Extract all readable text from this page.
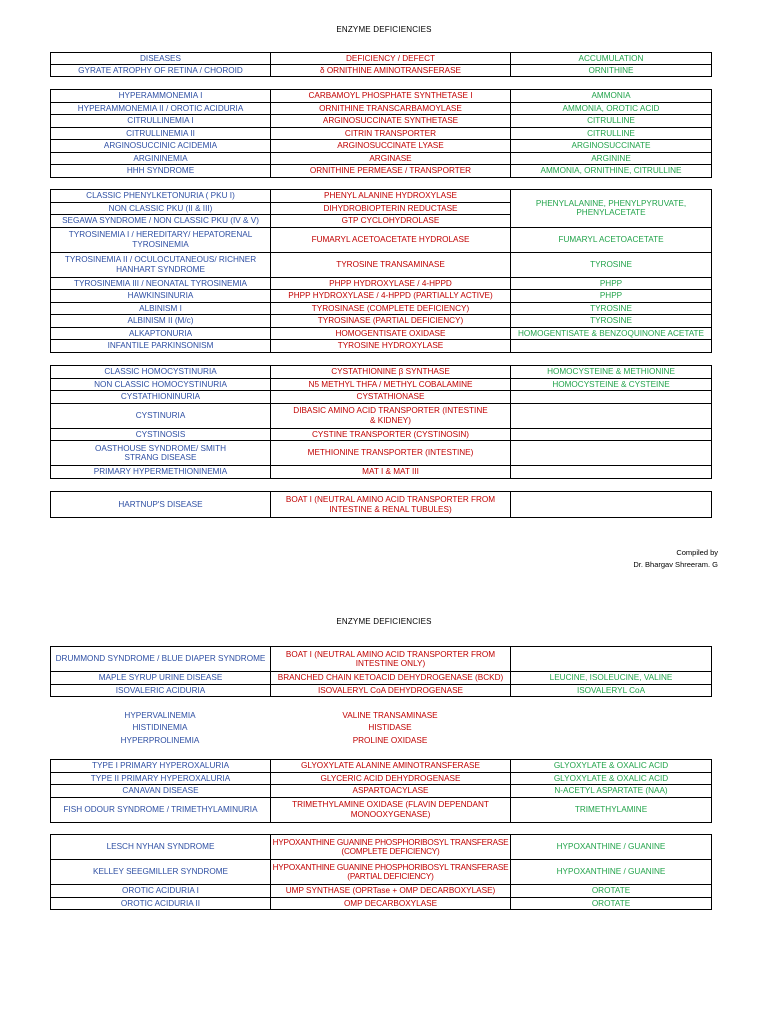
ENZYME DEFICIENCIES
DISEASES	DEFICIENCY / DEFECT	ACCUMULATION
GYRATE ATROPHY OF RETINA / CHOROID	δ ORNITHINE AMINOTRANSFERASE	ORNITHINE
HYPERAMMONEMIA I	CARBAMOYL PHOSPHATE SYNTHETASE I	AMMONIA
HYPERAMMONEMIA II / OROTIC ACIDURIA	ORNITHINE TRANSCARBAMOYLASE	AMMONIA, OROTIC ACID
CITRULLINEMIA I	ARGINOSUCCINATE SYNTHETASE	CITRULLINE
CITRULLINEMIA II	CITRIN TRANSPORTER	CITRULLINE
ARGINOSUCCINIC ACIDEMIA	ARGINOSUCCINATE LYASE	ARGINOSUCCINATE
ARGININEMIA	ARGINASE	ARGININE
HHH SYNDROME	ORNITHINE PERMEASE / TRANSPORTER	AMMONIA, ORNITHINE, CITRULLINE
CLASSIC PHENYLKETONURIA ( PKU I)	PHENYL ALANINE HYDROXYLASE	PHENYLALANINE, PHENYLPYRUVATE, PHENYLACETATE
NON CLASSIC PKU (II & III)	DIHYDROBIOPTERIN REDUCTASE	
SEGAWA SYNDROME / NON CLASSIC PKU (IV & V)	GTP CYCLOHYDROLASE	
TYROSINEMIA I / HEREDITARY/ HEPATORENAL TYROSINEMIA	FUMARYL ACETOACETATE HYDROLASE	FUMARYL ACETOACETATE
TYROSINEMIA II / OCULOCUTANEOUS/ RICHNER HANHART SYNDROME	TYROSINE TRANSAMINASE	TYROSINE
TYROSINEMIA III / NEONATAL TYROSINEMIA	PHPP HYDROXYLASE / 4-HPPD	PHPP
HAWKINSINURIA	PHPP HYDROXYLASE / 4-HPPD (PARTIALLY ACTIVE)	PHPP
ALBINISM I	TYROSINASE (COMPLETE DEFICIENCY)	TYROSINE
ALBINISM II (M/c)	TYROSINASE (PARTIAL DEFICIENCY)	TYROSINE
ALKAPTONURIA	HOMOGENTISATE OXIDASE	HOMOGENTISATE & BENZOQUINONE ACETATE
INFANTILE PARKINSONISM	TYROSINE HYDROXYLASE	
CLASSIC HOMOCYSTINURIA	CYSTATHIONINE β SYNTHASE	HOMOCYSTEINE & METHIONINE
NON CLASSIC HOMOCYSTINURIA	N5 METHYL THFA / METHYL COBALAMINE	HOMOCYSTEINE & CYSTEINE
CYSTATHIONINURIA	CYSTATHIONASE	
CYSTINURIA	DIBASIC AMINO ACID TRANSPORTER (INTESTINE & KIDNEY)	
CYSTINOSIS	CYSTINE TRANSPORTER (CYSTINOSIN)	
OASTHOUSE SYNDROME/ SMITH STRANG DISEASE	METHIONINE TRANSPORTER (INTESTINE)	
PRIMARY HYPERMETHIONINEMIA	MAT I & MAT III	
HARTNUP'S DISEASE	BOAT I (NEUTRAL AMINO ACID TRANSPORTER FROM INTESTINE & RENAL TUBULES)	
Compiled by
Dr. Bhargav Shreeram. G
ENZYME DEFICIENCIES
DRUMMOND SYNDROME / BLUE DIAPER SYNDROME	BOAT I (NEUTRAL AMINO ACID TRANSPORTER FROM INTESTINE ONLY)	
MAPLE SYRUP URINE DISEASE	BRANCHED CHAIN KETOACID DEHYDROGENASE (BCKD)	LEUCINE, ISOLEUCINE, VALINE
ISOVALERIC ACIDURIA	ISOVALERYL CoA DEHYDROGENASE	ISOVALERYL CoA
HYPERVALINEMIA	VALINE TRANSAMINASE	
HISTIDINEMIA	HISTIDASE	
HYPERPROLINEMIA	PROLINE OXIDASE	
TYPE I PRIMARY HYPEROXALURIA	GLYOXYLATE ALANINE AMINOTRANSFERASE	GLYOXYLATE & OXALIC ACID
TYPE II PRIMARY HYPEROXALURIA	GLYCERIC ACID DEHYDROGENASE	GLYOXYLATE & OXALIC ACID
CANAVAN DISEASE	ASPARTOACYLASE	N-ACETYL ASPARTATE (NAA)
FISH ODOUR SYNDROME / TRIMETHYLAMINURIA	TRIMETHYLAMINE OXIDASE (FLAVIN DEPENDANT MONOOXYGENASE)	TRIMETHYLAMINE
LESCH NYHAN SYNDROME	HYPOXANTHINE GUANINE PHOSPHORIBOSYL TRANSFERASE (COMPLETE DEFICIENCY)	HYPOXANTHINE / GUANINE
KELLEY SEEGMILLER SYNDROME	HYPOXANTHINE GUANINE PHOSPHORIBOSYL TRANSFERASE (PARTIAL DEFICIENCY)	HYPOXANTHINE / GUANINE
OROTIC ACIDURIA I	UMP SYNTHASE (OPRTase + OMP DECARBOXYLASE)	OROTATE
OROTIC ACIDURIA II	OMP DECARBOXYLASE	OROTATE
